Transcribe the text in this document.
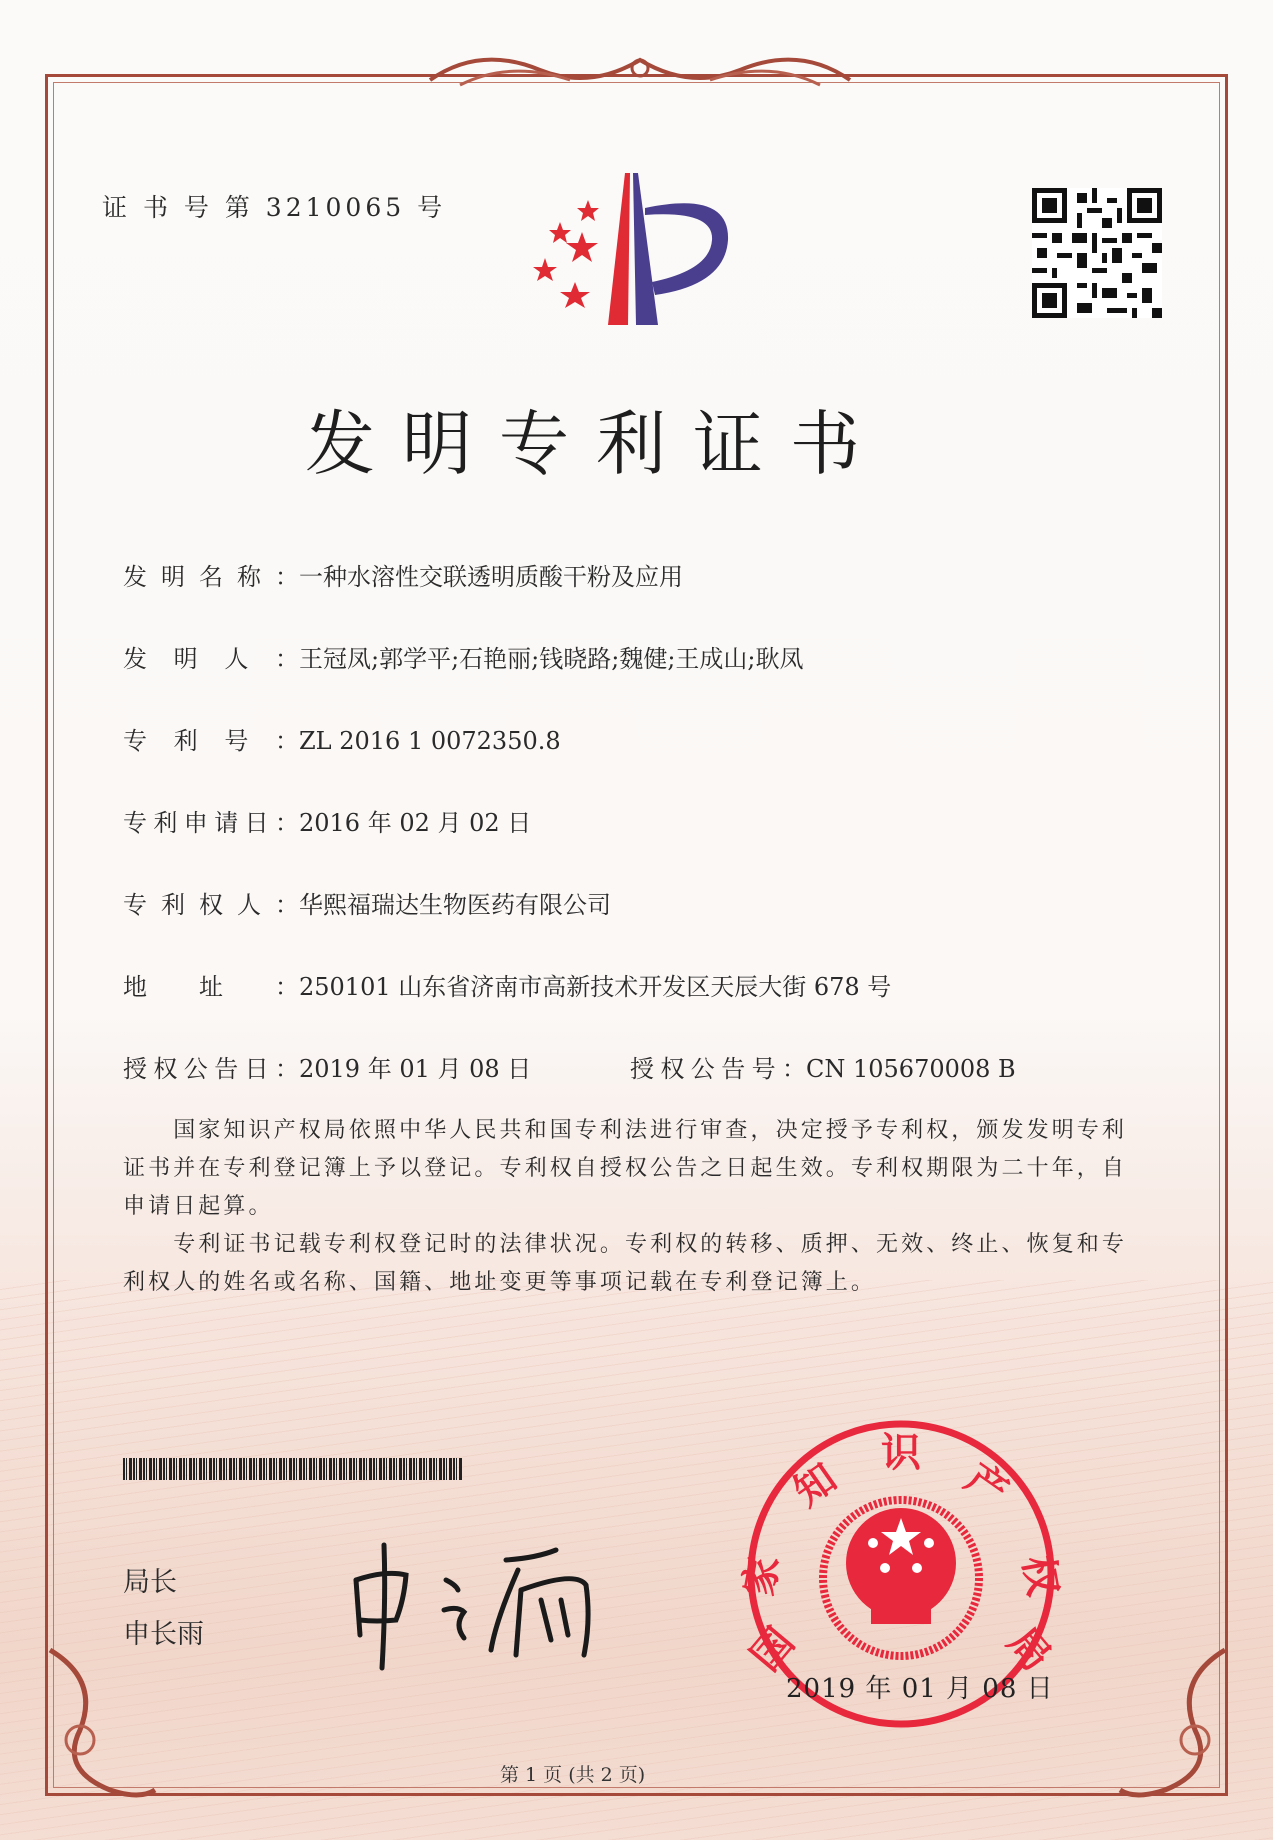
证 书 号 第 3210065 号
发明专利证书
发明名称： 一种水溶性交联透明质酸干粉及应用
发明人： 王冠凤;郭学平;石艳丽;钱晓路;魏健;王成山;耿凤
专利号： ZL 2016 1 0072350.8
专利申请日： 2016 年 02 月 02 日
专利权人： 华熙福瑞达生物医药有限公司
地址： 250101 山东省济南市高新技术开发区天辰大街 678 号
授权公告日： 2019 年 01 月 08 日	授权公告号： CN 105670008 B
　　国家知识产权局依照中华人民共和国专利法进行审查，决定授予专利权，颁发发明专利
证书并在专利登记簿上予以登记。专利权自授权公告之日起生效。专利权期限为二十年，自
申请日起算。
　　专利证书记载专利权登记时的法律状况。专利权的转移、质押、无效、终止、恢复和专
利权人的姓名或名称、国籍、地址变更等事项记载在专利登记簿上。
局长
申长雨	国
家
知
识
产
权
局
2019 年 01 月 08 日
第 1 页 (共 2 页)
